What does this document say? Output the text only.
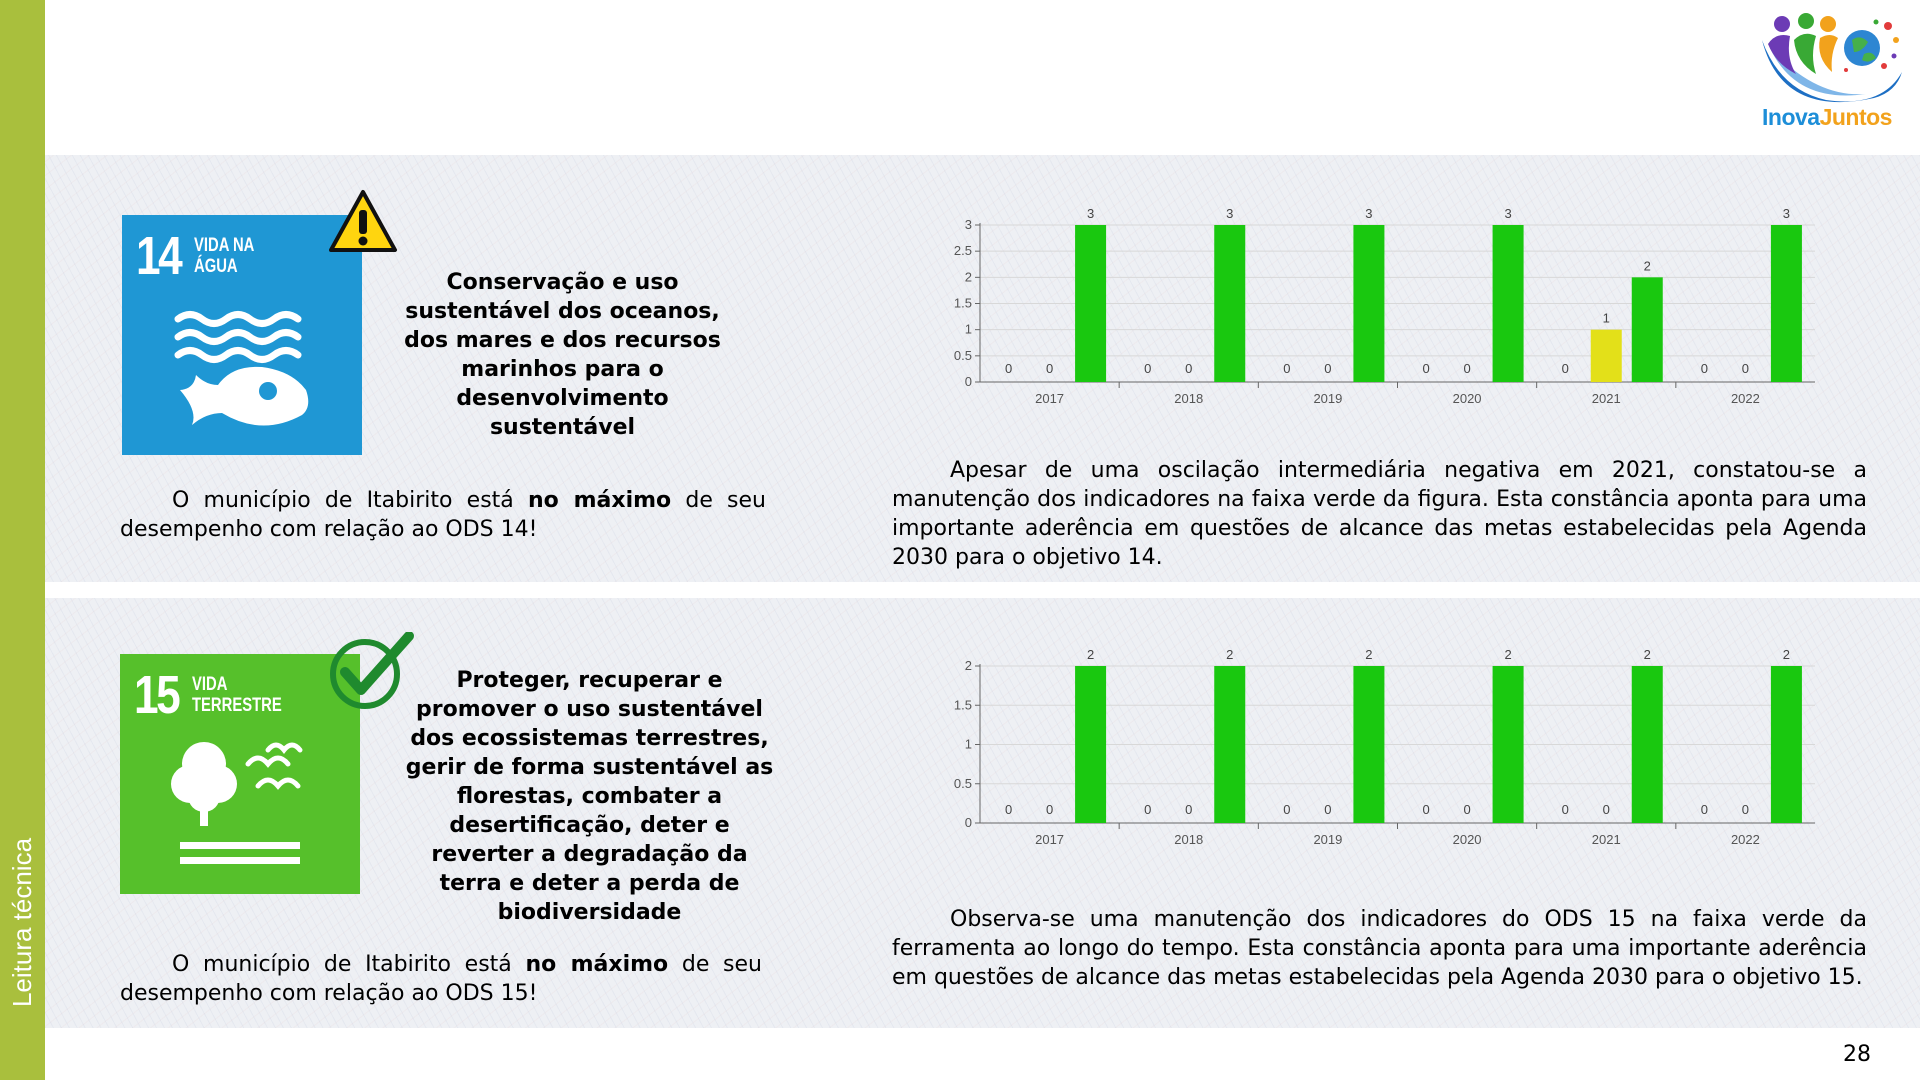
Leitura técnica
InovaJuntos
14 VIDA NA
ÁGUA
Conservação e uso sustentável dos oceanos, dos mares e dos recursos marinhos para o desenvolvimento sustentável
O município de Itabirito está no máximo de seu desempenho com relação ao ODS 14!
Apesar de uma oscilação intermediária negativa em 2021, constatou-se a manutenção dos indicadores na faixa verde da figura. Esta constância aponta para uma importante aderência em questões de alcance das metas estabelecidas pela Agenda 2030 para o objetivo 14.
15 VIDA
TERRESTRE
Proteger, recuperar e promover o uso sustentável dos ecossistemas terrestres, gerir de forma sustentável as florestas, combater a desertificação, deter e reverter a degradação da terra e deter a perda de biodiversidade
O município de Itabirito está no máximo de seu desempenho com relação ao ODS 15!
Observa-se uma manutenção dos indicadores do ODS 15 na faixa verde da ferramenta ao longo do tempo. Esta constância aponta para uma importante aderência em questões de alcance das metas estabelecidas pela Agenda 2030 para o objetivo 15.
0
0.5
1
1.5
2
2.5
3
2017
0	0
3
2018
0	0
3
2019
0	0
3
2020
0	0
3
2021
0
1
2
2022
0	0
3
0
0.5
1
1.5
2
2017
0	0
2
2018
0	0
2
2019
0	0
2
2020
0	0
2
2021
0	0
2
2022
0	0
2
28
